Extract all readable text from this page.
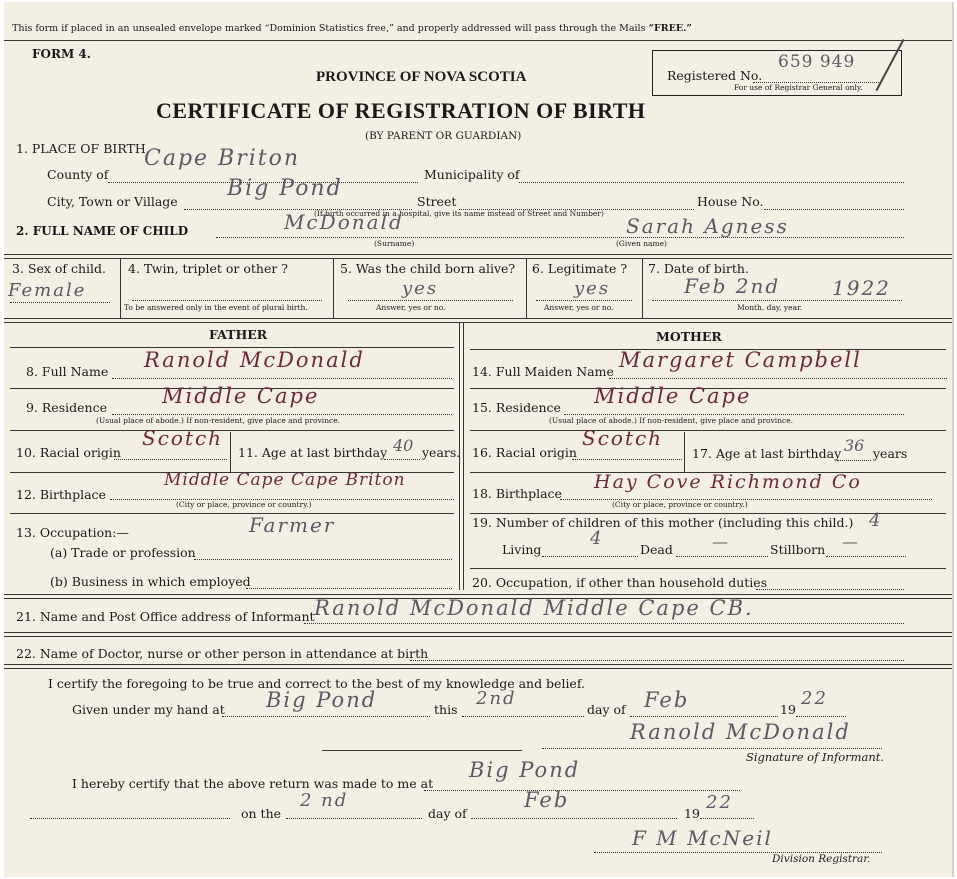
This form if placed in an unsealed envelope marked “Dominion Statistics free,” and properly addressed will pass through the Mails “FREE.”
FORM 4.
PROVINCE OF NOVA SCOTIA
CERTIFICATE OF REGISTRATION OF BIRTH
(BY PARENT OR GUARDIAN)
Registered No.
659 949
For use of Registrar General only.
1. PLACE OF BIRTH.
County of
Cape Briton
Municipality of
City, Town or Village
Big Pond
Street	House No.
(If birth occurred in a hospital, give its name instead of Street and Number)
2. FULL NAME OF CHILD	McDonald	Sarah Agness
(Surname)	(Given name)
3. Sex of child.
Female
4. Twin, triplet or other ?
To be answered only in the event of plural birth.
5. Was the child born alive?
yes
Answer, yes or no.
6. Legitimate ?
yes
Answer, yes or no.
7. Date of birth.
Feb 2nd	1922
Month, day, year.
FATHER	MOTHER
8. Full Name Ranold McDonald
9. Residence	Middle Cape
(Usual place of abode.) If non-resident, give place and province.
10. Racial origin
Scotch
11. Age at last birthday 40 years.
12. Birthplace
Middle Cape Cape Briton
(City or place, province or country.)
13. Occupation:—	Farmer
(a) Trade or profession
(b) Business in which employed
14. Full Maiden Name Margaret Campbell
15. Residence Middle Cape
(Usual place of abode.) If non-resident, give place and province.
16. Racial origin
Scotch
17. Age at last birthday 36 years
18. Birthplace
Hay Cove Richmond Co
(City or place, province or country.)
19. Number of children of this mother (including this child.) 4
Living
4
Dead —	Stillborn —
20. Occupation, if other than household duties
21. Name and Post Office address of Informant Ranold McDonald Middle Cape CB.
22. Name of Doctor, nurse or other person in attendance at birth
I certify the foregoing to be true and correct to the best of my knowledge and belief.
Given under my hand at Big Pond	this
2nd
day of Feb	19
22
Ranold McDonald
Signature of Informant.
I hereby certify that the above return was made to me at
Big Pond
on the
2 nd
day of
Feb
19
22
F M McNeil
Division Registrar.
